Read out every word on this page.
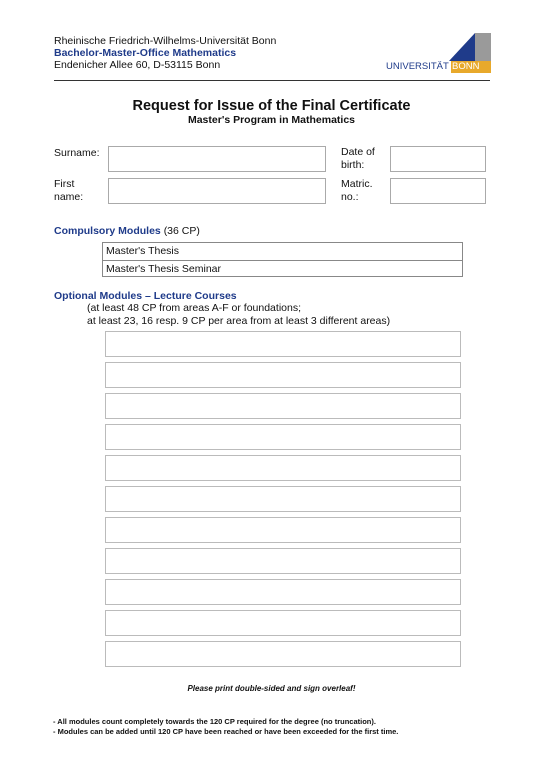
Rheinische Friedrich-Wilhelms-Universität Bonn
Bachelor-Master-Office Mathematics
Endenicher Allee 60, D-53115 Bonn	UNIVERSITÄT BONN
Request for Issue of the Final Certificate
Master's Program in Mathematics
Surname:
First
name:
Date of
birth:
Matric.
no.:
Compulsory Modules (36 CP)
Master's Thesis
Master's Thesis Seminar
Optional Modules – Lecture Courses
(at least 48 CP from areas A-F or foundations;
at least 23, 16 resp. 9 CP per area from at least 3 different areas)
Please print double-sided and sign overleaf!
- All modules count completely towards the 120 CP required for the degree (no truncation).
- Modules can be added until 120 CP have been reached or have been exceeded for the first time.
